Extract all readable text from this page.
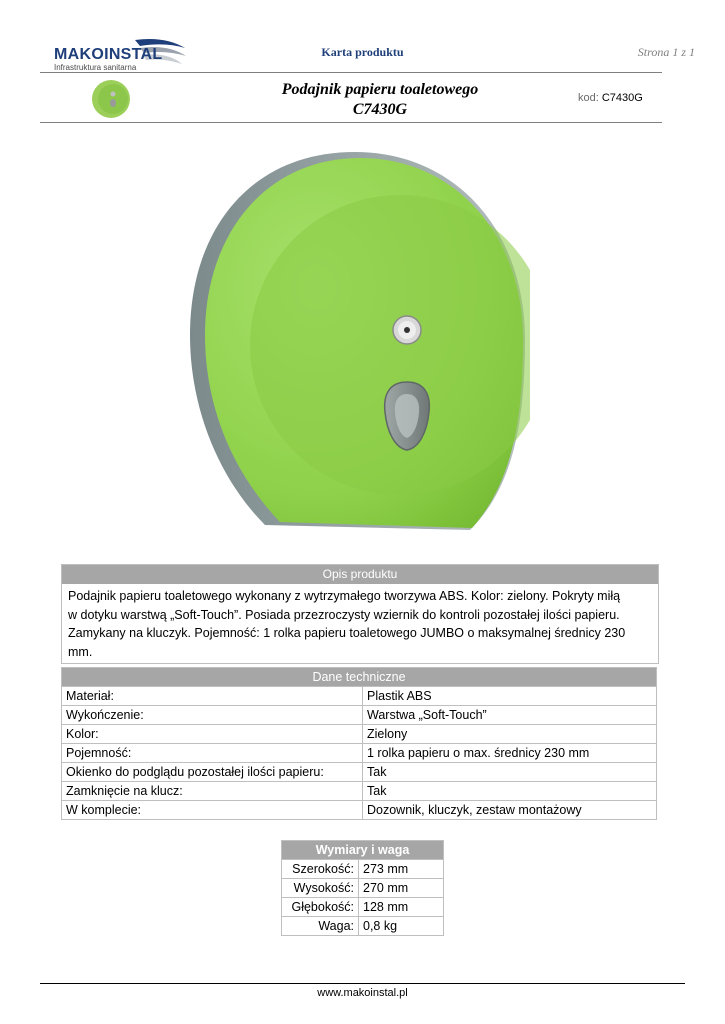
MAKOINSTAL
Infrastruktura sanitarna
Karta produktu	Strona 1 z 1
Podajnik papieru toaletowego
C7430G
kod: C7430G
Opis produktu
Podajnik papieru toaletowego wykonany z wytrzymałego tworzywa ABS. Kolor: zielony. Pokryty miłą
w dotyku warstwą „Soft-Touch”. Posiada przezroczysty wziernik do kontroli pozostałej ilości papieru.
Zamykany na kluczyk. Pojemność: 1 rolka papieru toaletowego JUMBO o maksymalnej średnicy 230 mm.
Dane techniczne	
Materiał:	Plastik ABS
Wykończenie:	Warstwa „Soft-Touch”
Kolor:	Zielony
Pojemność:	1 rolka papieru o max. średnicy 230 mm
Okienko do podglądu pozostałej ilości papieru:	Tak
Zamknięcie na klucz:	Tak
W komplecie:	Dozownik, kluczyk, zestaw montażowy
Wymiary i waga	
Szerokość:	273 mm
Wysokość:	270 mm
Głębokość:	128 mm
Waga:	0,8 kg
www.makoinstal.pl
